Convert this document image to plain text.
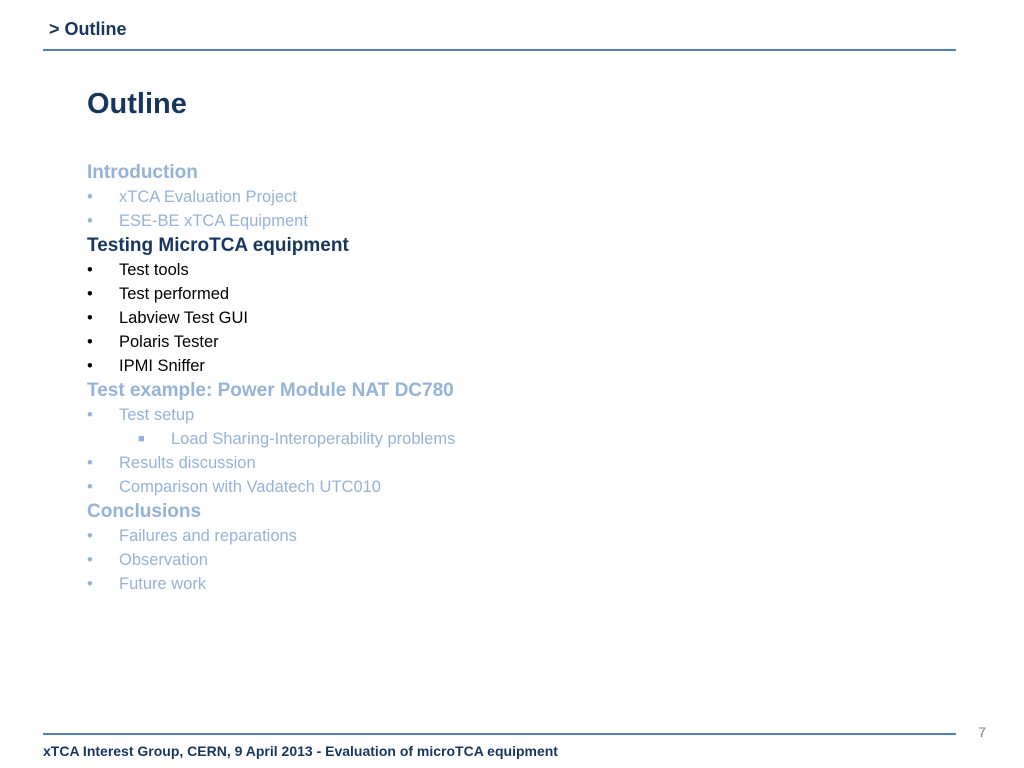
> Outline
Outline
Introduction
• xTCA Evaluation Project
• ESE-BE xTCA Equipment
Testing MicroTCA equipment
• Test tools
• Test performed
• Labview Test GUI
• Polaris Tester
• IPMI Sniffer
Test example: Power Module NAT DC780
• Test setup
■ Load Sharing-Interoperability problems
• Results discussion
• Comparison with Vadatech UTC010
Conclusions
• Failures and reparations
• Observation
• Future work
7
xTCA Interest Group, CERN, 9 April 2013 - Evaluation of microTCA equipment
